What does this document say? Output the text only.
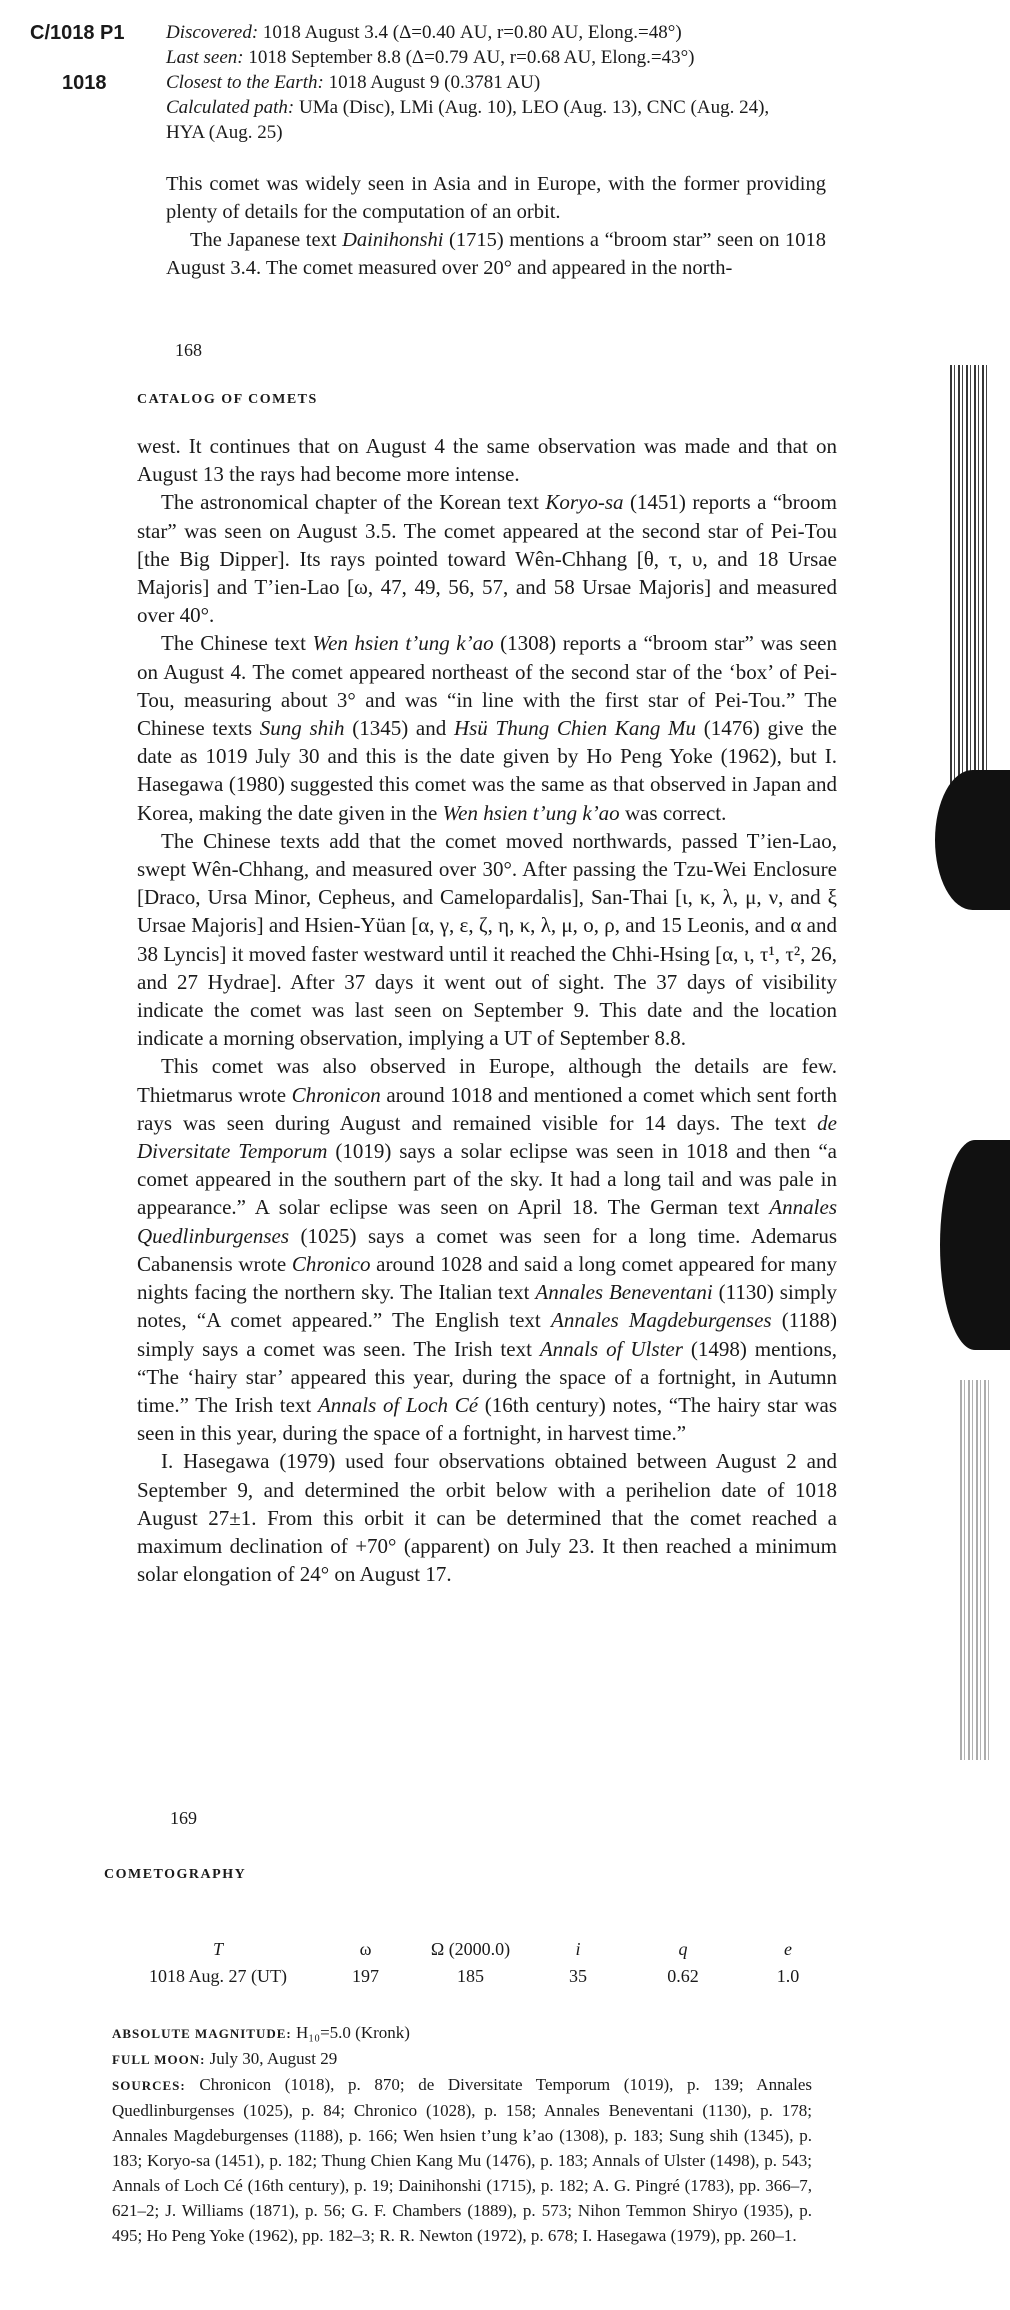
C/1018 P1
1018
Discovered: 1018 August 3.4 (Δ=0.40 AU, r=0.80 AU, Elong.=48°)
Last seen: 1018 September 8.8 (Δ=0.79 AU, r=0.68 AU, Elong.=43°)
Closest to the Earth: 1018 August 9 (0.3781 AU)
Calculated path: UMa (Disc), LMi (Aug. 10), LEO (Aug. 13), CNC (Aug. 24),
HYA (Aug. 25)
This comet was widely seen in Asia and in Europe, with the former providing plenty of details for the computation of an orbit.
The Japanese text Dainihonshi (1715) mentions a “broom star” seen on 1018 August 3.4. The comet measured over 20° and appeared in the north-
168
CATALOG OF COMETS

west. It continues that on August 4 the same observation was made and that on August 13 the rays had become more intense.

The astronomical chapter of the Korean text Koryo-sa (1451) reports a “broom star” was seen on August 3.5. The comet appeared at the second star of Pei-Tou [the Big Dipper]. Its rays pointed toward Wên-Chhang [θ, τ, υ, and 18 Ursae Majoris] and T’ien-Lao [ω, 47, 49, 56, 57, and 58 Ursae Majoris] and measured over 40°.

The Chinese text Wen hsien t’ung k’ao (1308) reports a “broom star” was seen on August 4. The comet appeared northeast of the second star of the ‘box’ of Pei-Tou, measuring about 3° and was “in line with the first star of Pei-Tou.” The Chinese texts Sung shih (1345) and Hsü Thung Chien Kang Mu (1476) give the date as 1019 July 30 and this is the date given by Ho Peng Yoke (1962), but I. Hasegawa (1980) suggested this comet was the same as that observed in Japan and Korea, making the date given in the Wen hsien t’ung k’ao was correct.

The Chinese texts add that the comet moved northwards, passed T’ien-Lao, swept Wên-Chhang, and measured over 30°. After passing the Tzu-Wei Enclosure [Draco, Ursa Minor, Cepheus, and Camelopardalis], San-Thai [ι, κ, λ, μ, ν, and ξ Ursae Majoris] and Hsien-Yüan [α, γ, ε, ζ, η, κ, λ, μ, ο, ρ, and 15 Leonis, and α and 38 Lyncis] it moved faster westward until it reached the Chhi-Hsing [α, ι, τ¹, τ², 26, and 27 Hydrae]. After 37 days it went out of sight. The 37 days of visibility indicate the comet was last seen on September 9. This date and the location indicate a morning observation, implying a UT of September 8.8.

This comet was also observed in Europe, although the details are few. Thietmarus wrote Chronicon around 1018 and mentioned a comet which sent forth rays was seen during August and remained visible for 14 days. The text de Diversitate Temporum (1019) says a solar eclipse was seen in 1018 and then “a comet appeared in the southern part of the sky. It had a long tail and was pale in appearance.” A solar eclipse was seen on April 18. The German text Annales Quedlinburgenses (1025) says a comet was seen for a long time. Ademarus Cabanensis wrote Chronico around 1028 and said a long comet appeared for many nights facing the northern sky. The Italian text Annales Beneventani (1130) simply notes, “A comet appeared.” The English text Annales Magdeburgenses (1188) simply says a comet was seen. The Irish text Annals of Ulster (1498) mentions, “The ‘hairy star’ appeared this year, during the space of a fortnight, in Autumn time.” The Irish text Annals of Loch Cé (16th century) notes, “The hairy star was seen in this year, during the space of a fortnight, in harvest time.”

I. Hasegawa (1979) used four observations obtained between August 2 and September 9, and determined the orbit below with a perihelion date of 1018 August 27±1. From this orbit it can be determined that the comet reached a maximum declination of +70° (apparent) on July 23. It then reached a minimum solar elongation of 24° on August 17.

169
COMETOGRAPHY
T	ω	Ω (2000.0)	i	q	e
1018 Aug. 27 (UT)	197	185	35	0.62	1.0
ABSOLUTE MAGNITUDE: H₁₀=5.0 (Kronk)
FULL MOON: July 30, August 29
SOURCES: Chronicon (1018), p. 870; de Diversitate Temporum (1019), p. 139; Annales Quedlinburgenses (1025), p. 84; Chronico (1028), p. 158; Annales Beneventani (1130), p. 178; Annales Magdeburgenses (1188), p. 166; Wen hsien t’ung k’ao (1308), p. 183; Sung shih (1345), p. 183; Koryo-sa (1451), p. 182; Thung Chien Kang Mu (1476), p. 183; Annals of Ulster (1498), p. 543; Annals of Loch Cé (16th century), p. 19; Dainihonshi (1715), p. 182; A. G. Pingré (1783), pp. 366–7, 621–2; J. Williams (1871), p. 56; G. F. Chambers (1889), p. 573; Nihon Temmon Shiryo (1935), p. 495; Ho Peng Yoke (1962), pp. 182–3; R. R. Newton (1972), p. 678; I. Hasegawa (1979), pp. 260–1.
